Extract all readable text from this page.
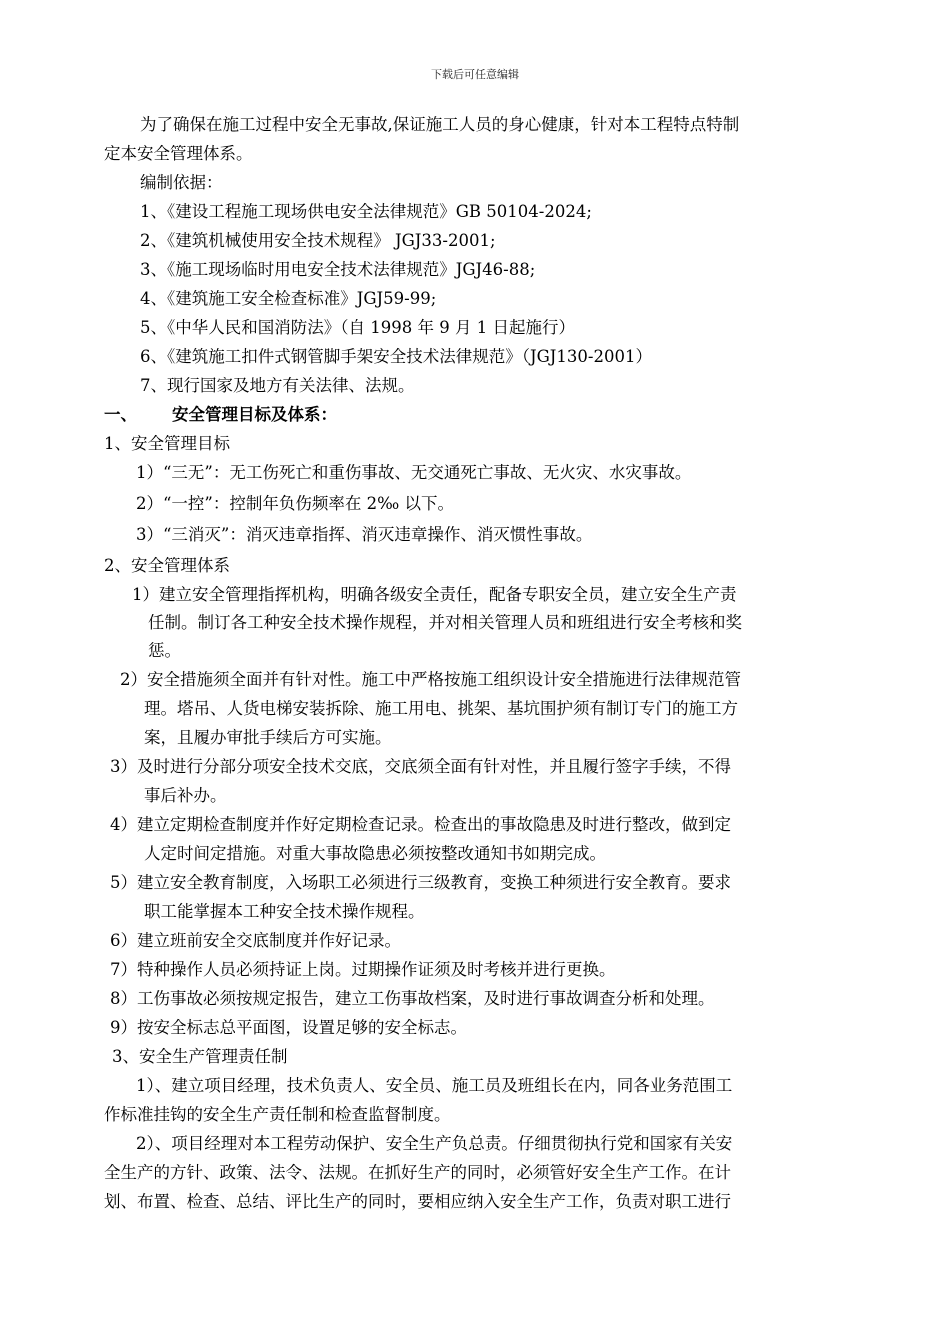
下载后可任意编辑
为了确保在施工过程中安全无事故,保证施工人员的身心健康，针对本工程特点特制
定本安全管理体系。
编制依据：
1、《建设工程施工现场供电安全法律规范》GB 50104-2024;
2、《建筑机械使用安全技术规程》 JGJ33-2001;
3、《施工现场临时用电安全技术法律规范》JGJ46-88;
4、《建筑施工安全检查标准》JGJ59-99;
5、《中华人民和国消防法》（自 1998 年 9 月 1 日起施行）
6、《建筑施工扣件式钢管脚手架安全技术法律规范》（JGJ130-2001）
7、现行国家及地方有关法律、法规。
一、 安全管理目标及体系：
1、安全管理目标
1）“三无”：无工伤死亡和重伤事故、无交通死亡事故、无火灾、水灾事故。
2）“一控”：控制年负伤频率在 2‰ 以下。
3）“三消灭”：消灭违章指挥、消灭违章操作、消灭惯性事故。
2、安全管理体系
1）建立安全管理指挥机构，明确各级安全责任，配备专职安全员，建立安全生产责
任制。制订各工种安全技术操作规程，并对相关管理人员和班组进行安全考核和奖
惩。
2）安全措施须全面并有针对性。施工中严格按施工组织设计安全措施进行法律规范管
理。塔吊、人货电梯安装拆除、施工用电、挑架、基坑围护须有制订专门的施工方
案，且履办审批手续后方可实施。
3）及时进行分部分项安全技术交底，交底须全面有针对性，并且履行签字手续，不得
事后补办。
4）建立定期检查制度并作好定期检查记录。检查出的事故隐患及时进行整改，做到定
人定时间定措施。对重大事故隐患必须按整改通知书如期完成。
5）建立安全教育制度，入场职工必须进行三级教育，变换工种须进行安全教育。要求
职工能掌握本工种安全技术操作规程。
6）建立班前安全交底制度并作好记录。
7）特种操作人员必须持证上岗。过期操作证须及时考核并进行更换。
8）工伤事故必须按规定报告，建立工伤事故档案，及时进行事故调查分析和处理。
9）按安全标志总平面图，设置足够的安全标志。
3、安全生产管理责任制
1）、建立项目经理，技术负责人、安全员、施工员及班组长在内，同各业务范围工
作标准挂钩的安全生产责任制和检查监督制度。
2）、项目经理对本工程劳动保护、安全生产负总责。仔细贯彻执行党和国家有关安
全生产的方针、政策、法令、法规。在抓好生产的同时，必须管好安全生产工作。在计
划、布置、检查、总结、评比生产的同时，要相应纳入安全生产工作，负责对职工进行
